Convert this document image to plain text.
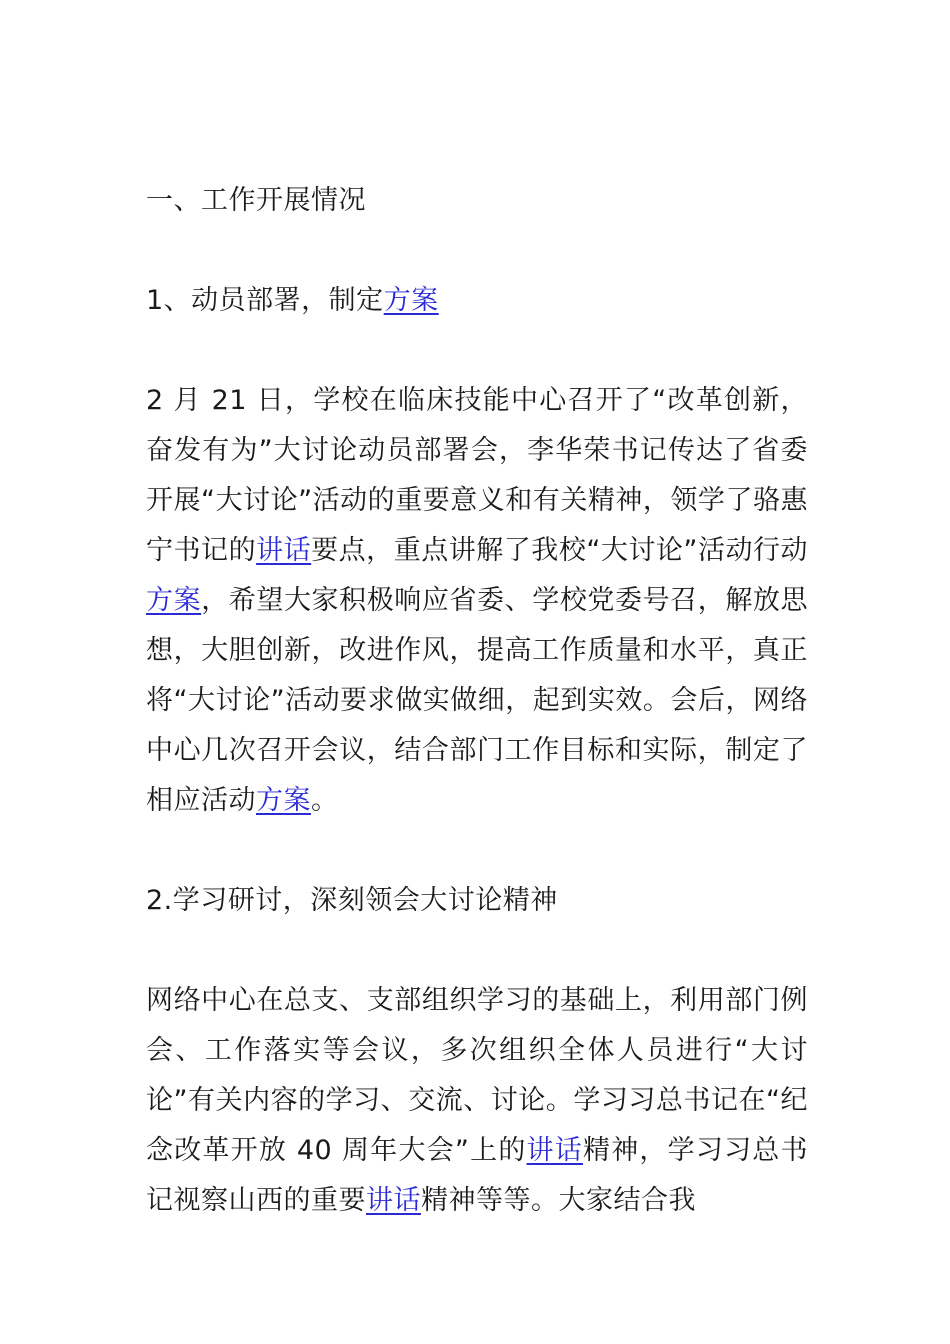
一、工作开展情况

1、动员部署，制定方案

2 月 21 日，学校在临床技能中心召开了“改革创新，奋发有为”大讨论动员部署会，李华荣书记传达了省委开展“大讨论”活动的重要意义和有关精神，领学了骆惠宁书记的讲话要点，重点讲解了我校“大讨论”活动行动方案，希望大家积极响应省委、学校党委号召，解放思想，大胆创新，改进作风，提高工作质量和水平，真正将“大讨论”活动要求做实做细，起到实效。会后，网络中心几次召开会议，结合部门工作目标和实际，制定了相应活动方案。

2.学习研讨，深刻领会大讨论精神

网络中心在总支、支部组织学习的基础上，利用部门例会、工作落实等会议，多次组织全体人员进行“大讨论”有关内容的学习、交流、讨论。学习习总书记在“纪念改革开放 40 周年大会”上的讲话精神，学习习总书记视察山西的重要讲话精神等等。大家结合我
